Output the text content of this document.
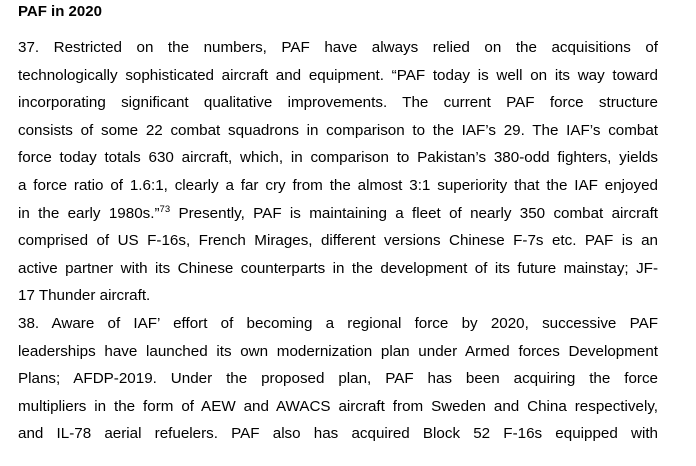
PAF in 2020
37. Restricted on the numbers, PAF have always relied on the acquisitions of
technologically sophisticated aircraft and equipment. “PAF today is well on its way toward
incorporating significant qualitative improvements. The current PAF force structure
consists of some 22 combat squadrons in comparison to the IAF’s 29. The IAF’s combat
force today totals 630 aircraft, which, in comparison to Pakistan’s 380-odd fighters, yields
a force ratio of 1.6:1, clearly a far cry from the almost 3:1 superiority that the IAF enjoyed
in the early 1980s.”$^{73}$ Presently, PAF is maintaining a fleet of nearly 350 combat aircraft
comprised of US F-16s, French Mirages, different versions Chinese F-7s etc. PAF is an
active partner with its Chinese counterparts in the development of its future mainstay; JF-
17 Thunder aircraft.
38. Aware of IAF’ effort of becoming a regional force by 2020, successive PAF
leaderships have launched its own modernization plan under Armed forces Development
Plans; AFDP-2019. Under the proposed plan, PAF has been acquiring the force
multipliers in the form of AEW and AWACS aircraft from Sweden and China respectively,
and IL-78 aerial refuelers. PAF also has acquired Block 52 F-16s equipped with
